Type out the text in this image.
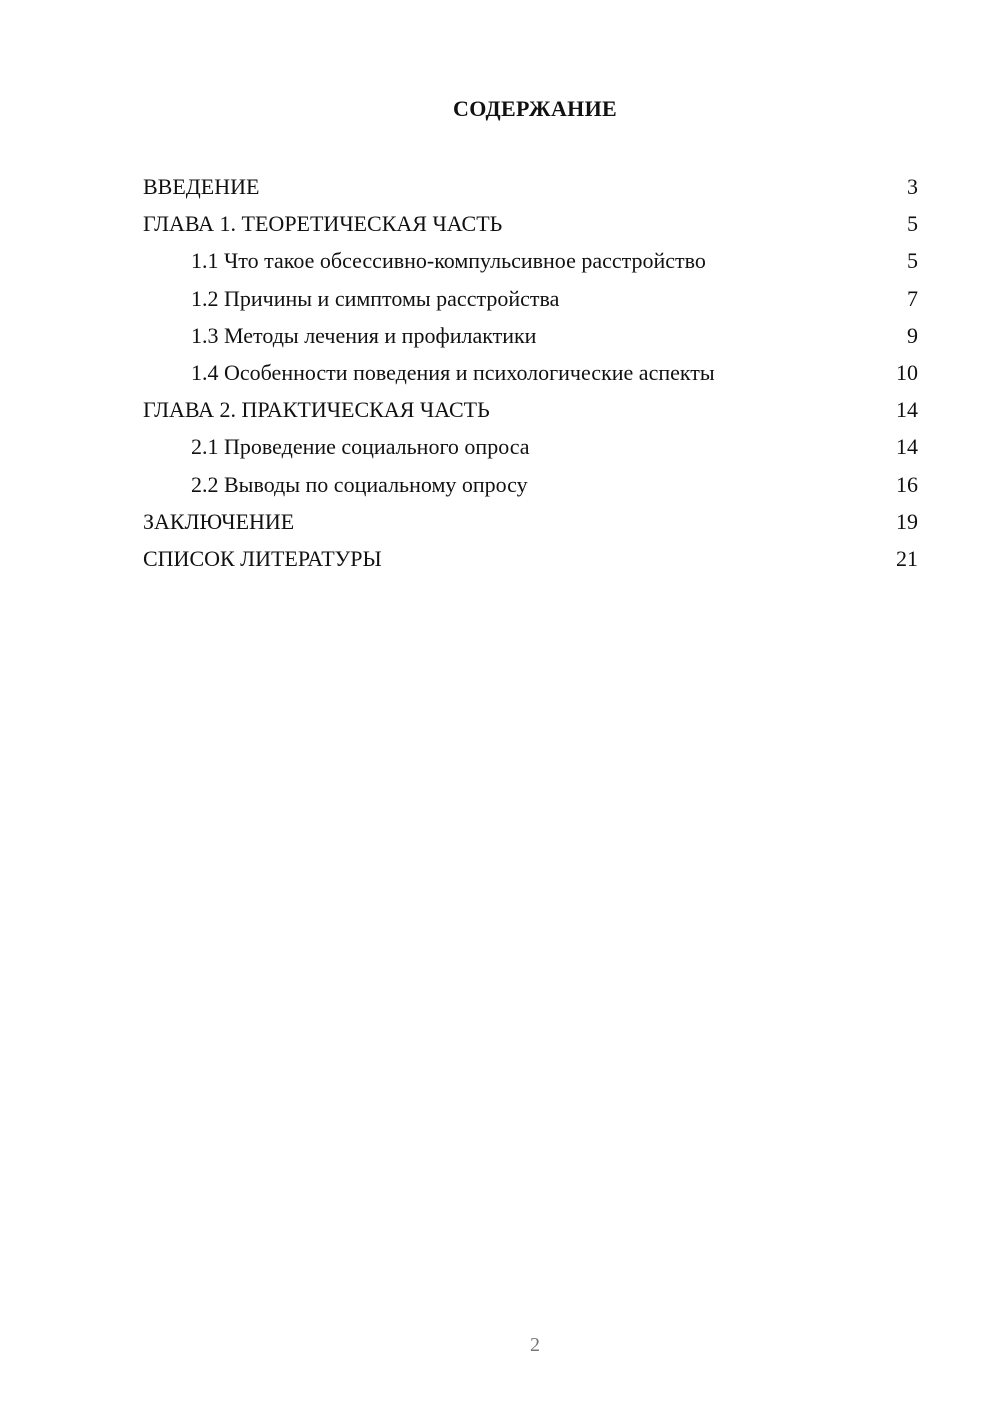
СОДЕРЖАНИЕ
ВВЕДЕНИЕ	3
ГЛАВА 1. ТЕОРЕТИЧЕСКАЯ ЧАСТЬ	5
1.1 Что такое обсессивно-компульсивное расстройство	5
1.2 Причины и симптомы расстройства	7
1.3 Методы лечения и профилактики	9
1.4 Особенности поведения и психологические аспекты	10
ГЛАВА 2. ПРАКТИЧЕСКАЯ ЧАСТЬ	14
2.1 Проведение социального опроса	14
2.2 Выводы по социальному опросу	16
ЗАКЛЮЧЕНИЕ	19
СПИСОК ЛИТЕРАТУРЫ	21
2
